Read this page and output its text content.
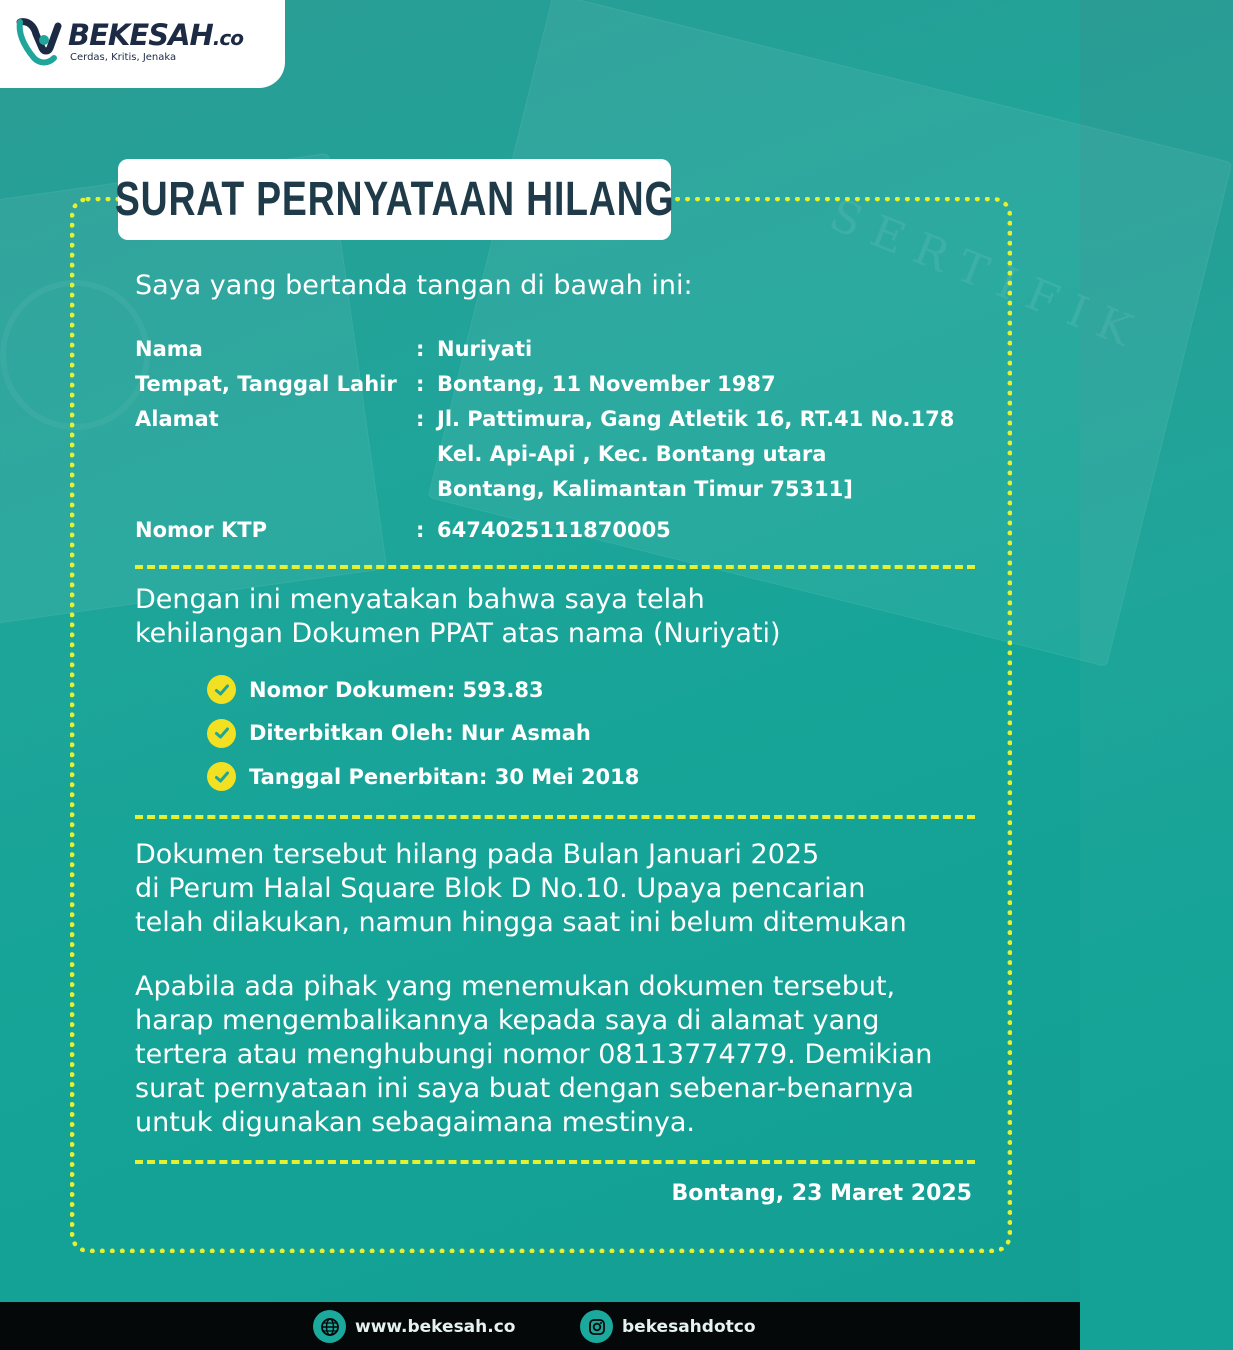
SERTIFIK
BEKESAH.co
Cerdas, Kritis, Jenaka
SURAT PERNYATAAN HILANG
Saya yang bertanda tangan di bawah ini:
Nama	: Nuriyati
Tempat, Tanggal Lahir : Bontang, 11 November 1987
Alamat	: Jl. Pattimura, Gang Atletik 16, RT.41 No.178
Kel. Api-Api , Kec. Bontang utara
Bontang, Kalimantan Timur 75311]
Nomor KTP	: 6474025111870005
Dengan ini menyatakan bahwa saya telah
kehilangan Dokumen PPAT atas nama (Nuriyati)
Nomor Dokumen: 593.83
Diterbitkan Oleh: Nur Asmah
Tanggal Penerbitan: 30 Mei 2018
Dokumen tersebut hilang pada Bulan Januari 2025
di Perum Halal Square Blok D No.10. Upaya pencarian
telah dilakukan, namun hingga saat ini belum ditemukan
Apabila ada pihak yang menemukan dokumen tersebut,
harap mengembalikannya kepada saya di alamat yang
tertera atau menghubungi nomor 08113774779. Demikian
surat pernyataan ini saya buat dengan sebenar-benarnya
untuk digunakan sebagaimana mestinya.
Bontang, 23 Maret 2025
www.bekesah.co	bekesahdotco
